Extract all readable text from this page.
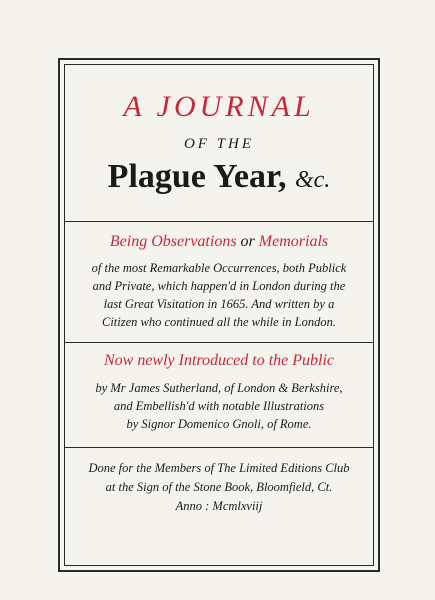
A JOURNAL
OF THE
Plague Year, &c.
Being Observations or Memorials
of the most Remarkable Occurrences, both Publick
and Private, which happen'd in London during the
last Great Visitation in 1665. And written by a
Citizen who continued all the while in London.
Now newly Introduced to the Public
by Mr James Sutherland, of London & Berkshire,
and Embellish'd with notable Illustrations
by Signor Domenico Gnoli, of Rome.
Done for the Members of The Limited Editions Club
at the Sign of the Stone Book, Bloomfield, Ct.
Anno : Mcmlxviij
